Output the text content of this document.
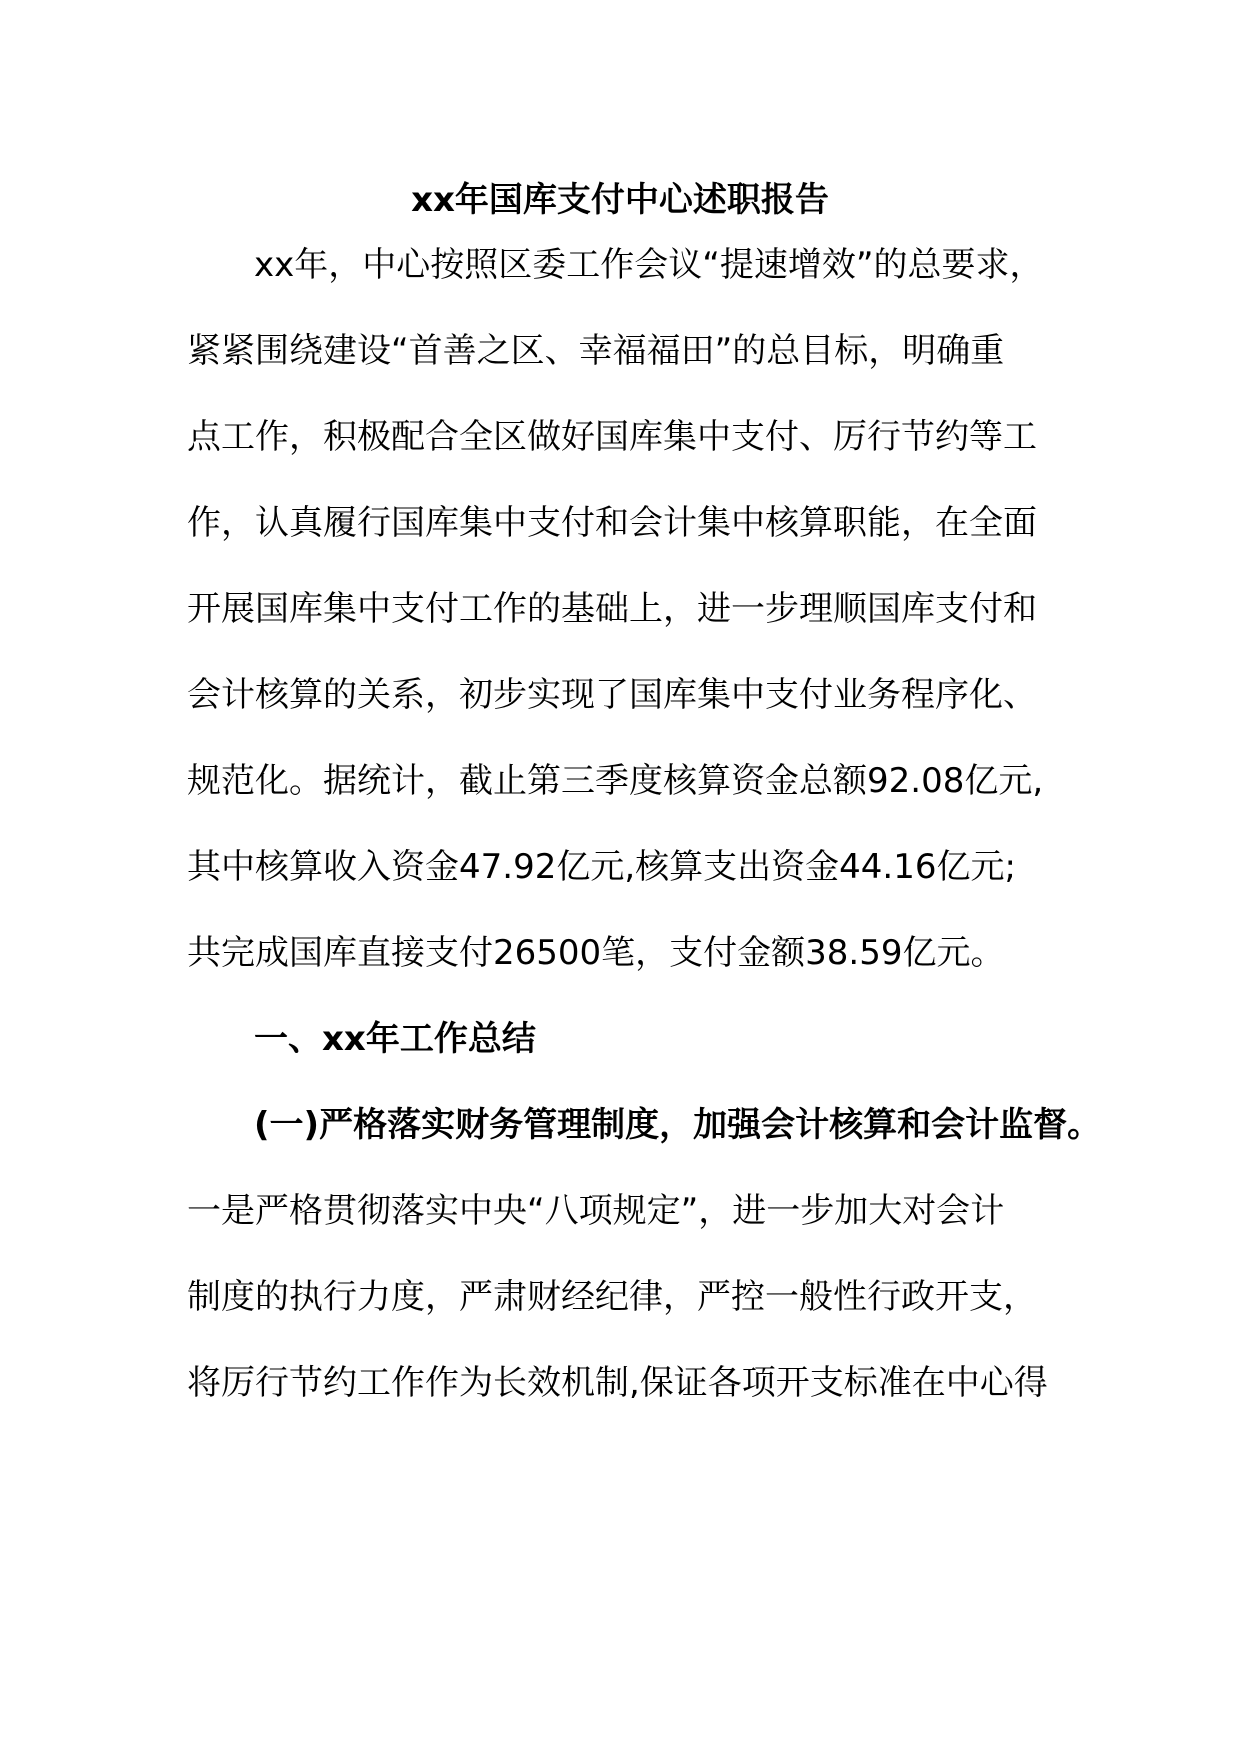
xx年国库支付中心述职报告
xx年，中心按照区委工作会议“提速增效”的总要求，
紧紧围绕建设“首善之区、幸福福田”的总目标，明确重
点工作，积极配合全区做好国库集中支付、厉行节约等工
作，认真履行国库集中支付和会计集中核算职能，在全面
开展国库集中支付工作的基础上，进一步理顺国库支付和
会计核算的关系，初步实现了国库集中支付业务程序化、
规范化。据统计，截止第三季度核算资金总额92.08亿元,
其中核算收入资金47.92亿元,核算支出资金44.16亿元;
共完成国库直接支付26500笔，支付金额38.59亿元。
一、xx年工作总结
(一)严格落实财务管理制度，加强会计核算和会计监督。
一是严格贯彻落实中央“八项规定”，进一步加大对会计
制度的执行力度，严肃财经纪律，严控一般性行政开支，
将厉行节约工作作为长效机制,保证各项开支标准在中心得
